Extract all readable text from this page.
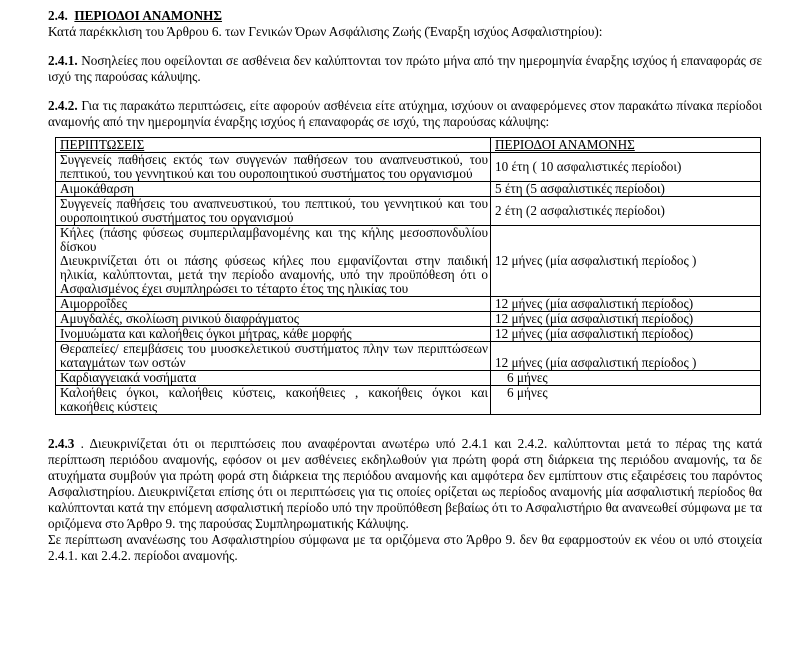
2.4. ΠΕΡΙΟΔΟΙ ΑΝΑΜΟΝΗΣ

Κατά παρέκκλιση του Άρθρου 6. των Γενικών Όρων Ασφάλισης Ζωής (Έναρξη ισχύος Ασφαλιστηρίου):

2.4.1. Νοσηλείες που οφείλονται σε ασθένεια δεν καλύπτονται τον πρώτο μήνα από την ημερομηνία έναρξης ισχύος ή επαναφοράς σε ισχύ της παρούσας κάλυψης.

2.4.2. Για τις παρακάτω περιπτώσεις, είτε αφορούν ασθένεια είτε ατύχημα, ισχύουν οι αναφερόμενες στον παρακάτω πίνακα περίοδοι αναμονής από την ημερομηνία έναρξης ισχύος ή επαναφοράς σε ισχύ, της παρούσας κάλυψης:

ΠΕΡΙΠΤΩΣΕΙΣ	ΠΕΡΙΟΔΟΙ ΑΝΑΜΟΝΗΣ
Συγγενείς παθήσεις εκτός των συγγενών παθήσεων του αναπνευστικού, του πεπτικού, του γεννητικού και του ουροποιητικού συστήματος του οργανισμού	10 έτη ( 10 ασφαλιστικές περίοδοι)
Αιμοκάθαρση	5 έτη (5 ασφαλιστικές περίοδοι)
Συγγενείς παθήσεις του αναπνευστικού, του πεπτικού, του γεννητικού και του ουροποιητικού συστήματος του οργανισμού	2 έτη (2 ασφαλιστικές περίοδοι)
Κήλες (πάσης φύσεως συμπεριλαμβανομένης και της κήλης μεσοσπονδυλίου δίσκου
Διευκρινίζεται ότι οι πάσης φύσεως κήλες που εμφανίζονται στην παιδική ηλικία, καλύπτονται, μετά την περίοδο αναμονής, υπό την προϋπόθεση ότι ο Ασφαλισμένος έχει συμπληρώσει το τέταρτο έτος της ηλικίας του	12 μήνες (μία ασφαλιστική περίοδος )
Αιμορροΐδες	12 μήνες (μία ασφαλιστική περίοδος)
Αμυγδαλές, σκολίωση ρινικού διαφράγματος	12 μήνες (μία ασφαλιστική περίοδος)
Ινομυώματα και καλοήθεις όγκοι μήτρας, κάθε μορφής	12 μήνες (μία ασφαλιστική περίοδος)
Θεραπείες/ επεμβάσεις του μυοσκελετικού συστήματος πλην των περιπτώσεων καταγμάτων των οστών	12 μήνες (μία ασφαλιστική περίοδος )
Καρδιαγγειακά νοσήματα	6 μήνες
Καλοήθεις όγκοι, καλοήθεις κύστεις, κακοήθειες , κακοήθεις όγκοι και κακοήθεις κύστεις	6 μήνες

2.4.3 . Διευκρινίζεται ότι οι περιπτώσεις που αναφέρονται ανωτέρω υπό 2.4.1 και 2.4.2. καλύπτονται μετά το πέρας της κατά περίπτωση περιόδου αναμονής, εφόσον οι μεν ασθένειες εκδηλωθούν για πρώτη φορά στη διάρκεια της περιόδου αναμονής, τα δε ατυχήματα συμβούν για πρώτη φορά στη διάρκεια της περιόδου αναμονής και αμφότερα δεν εμπίπτουν στις εξαιρέσεις του παρόντος Ασφαλιστηρίου. Διευκρινίζεται επίσης ότι οι περιπτώσεις για τις οποίες ορίζεται ως περίοδος αναμονής μία ασφαλιστική περίοδος θα καλύπτονται κατά την επόμενη ασφαλιστική περίοδο υπό την προϋπόθεση βεβαίως ότι το Ασφαλιστήριο θα ανανεωθεί σύμφωνα με τα οριζόμενα στο Άρθρο 9. της παρούσας Συμπληρωματικής Κάλυψης.

Σε περίπτωση ανανέωσης του Ασφαλιστηρίου σύμφωνα με τα οριζόμενα στο Άρθρο 9. δεν θα εφαρμοστούν εκ νέου οι υπό στοιχεία 2.4.1. και 2.4.2. περίοδοι αναμονής.
